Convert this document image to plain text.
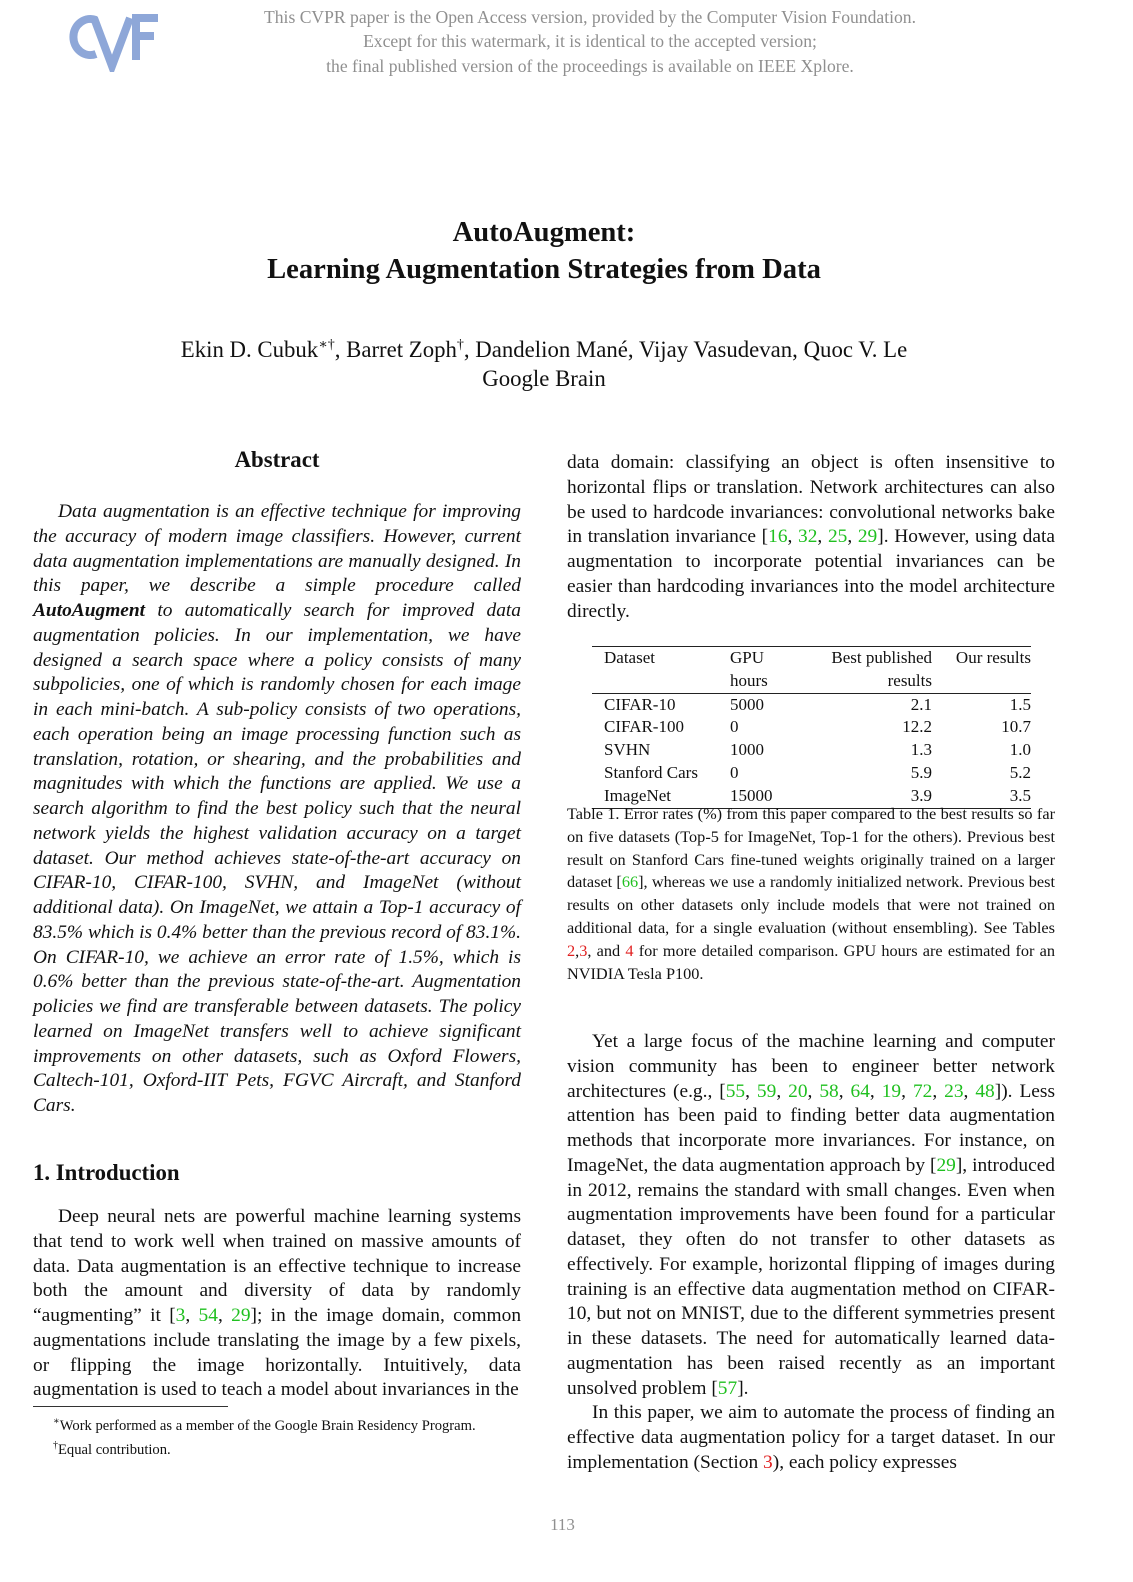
This CVPR paper is the Open Access version, provided by the Computer Vision Foundation.
Except for this watermark, it is identical to the accepted version;
the final published version of the proceedings is available on IEEE Xplore.
AutoAugment:
Learning Augmentation Strategies from Data
Ekin D. Cubuk∗†, Barret Zoph†, Dandelion Mané, Vijay Vasudevan, Quoc V. Le
Google Brain
Abstract

Data augmentation is an effective technique for improving the accuracy of modern image classifiers. However, current data augmentation implementations are manually designed. In this paper, we describe a simple procedure called AutoAugment to automatically search for improved data augmentation policies. In our implementation, we have designed a search space where a policy consists of many subpolicies, one of which is randomly chosen for each image in each mini-batch. A sub-policy consists of two operations, each operation being an image processing function such as translation, rotation, or shearing, and the probabilities and magnitudes with which the functions are applied. We use a search algorithm to find the best policy such that the neural network yields the highest validation accuracy on a target dataset. Our method achieves state-of-the-art accuracy on CIFAR-10, CIFAR-100, SVHN, and ImageNet (without additional data). On ImageNet, we attain a Top-1 accuracy of 83.5% which is 0.4% better than the previous record of 83.1%. On CIFAR-10, we achieve an error rate of 1.5%, which is 0.6% better than the previous state-of-the-art. Augmentation policies we find are transferable between datasets. The policy learned on ImageNet transfers well to achieve significant improvements on other datasets, such as Oxford Flowers, Caltech-101, Oxford-IIT Pets, FGVC Aircraft, and Stanford Cars.

1. Introduction

Deep neural nets are powerful machine learning systems that tend to work well when trained on massive amounts of data. Data augmentation is an effective technique to increase both the amount and diversity of data by randomly “augmenting” it [3, 54, 29]; in the image domain, common augmentations include translating the image by a few pixels, or flipping the image horizontally. Intuitively, data augmentation is used to teach a model about invariances in the

∗Work performed as a member of the Google Brain Residency Program.
†Equal contribution.

data domain: classifying an object is often insensitive to horizontal flips or translation. Network architectures can also be used to hardcode invariances: convolutional networks bake in translation invariance [16, 32, 25, 29]. However, using data augmentation to incorporate potential invariances can be easier than hardcoding invariances into the model architecture directly.

Dataset	GPU	Best published	Our results
	hours	results	
CIFAR-10	5000	2.1	1.5
CIFAR-100	0	12.2	10.7
SVHN	1000	1.3	1.0
Stanford Cars	0	5.9	5.2
ImageNet	15000	3.9	3.5
Table 1. Error rates (%) from this paper compared to the best results so far on five datasets (Top-5 for ImageNet, Top-1 for the others). Previous best result on Stanford Cars fine-tuned weights originally trained on a larger dataset [66], whereas we use a randomly initialized network. Previous best results on other datasets only include models that were not trained on additional data, for a single evaluation (without ensembling). See Tables 2,3, and 4 for more detailed comparison. GPU hours are estimated for an NVIDIA Tesla P100.

Yet a large focus of the machine learning and computer vision community has been to engineer better network architectures (e.g., [55, 59, 20, 58, 64, 19, 72, 23, 48]). Less attention has been paid to finding better data augmentation methods that incorporate more invariances. For instance, on ImageNet, the data augmentation approach by [29], introduced in 2012, remains the standard with small changes. Even when augmentation improvements have been found for a particular dataset, they often do not transfer to other datasets as effectively. For example, horizontal flipping of images during training is an effective data augmentation method on CIFAR-10, but not on MNIST, due to the different symmetries present in these datasets. The need for automatically learned data-augmentation has been raised recently as an important unsolved problem [57].

In this paper, we aim to automate the process of finding an effective data augmentation policy for a target dataset. In our implementation (Section 3), each policy expresses

113
